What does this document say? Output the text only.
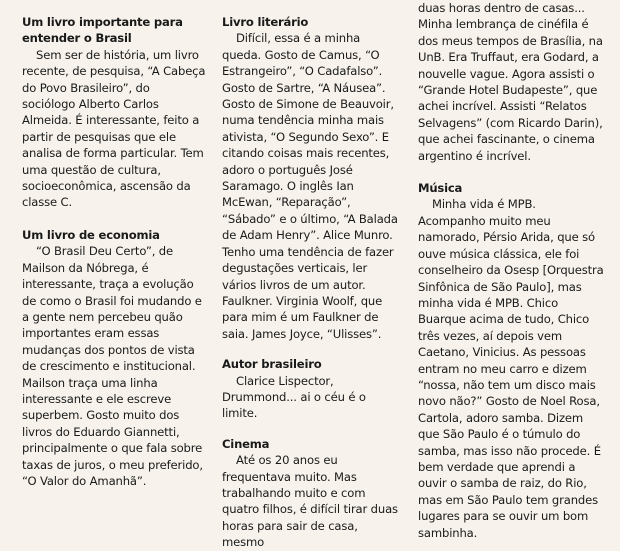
Um livro importante para
entender o Brasil

Sem ser de história, um livro recente, de pesquisa, “A Cabeça do Povo Brasileiro”, do sociólogo Alberto Carlos Almeida. É interessante, feito a partir de pesquisas que ele analisa de forma particular. Tem uma questão de cultura, socioeconômica, ascensão da classe C.

Um livro de economia

“O Brasil Deu Certo”, de Mailson da Nóbrega, é interessante, traça a evolução de como o Brasil foi mudando e a gente nem percebeu quão importantes eram essas mudanças dos pontos de vista de crescimento e institucional. Mailson traça uma linha interessante e ele escreve superbem. Gosto muito dos livros do Eduardo Giannetti, principalmente o que fala sobre taxas de juros, o meu preferido, “O Valor do Amanhã”.

Livro literário

Difícil, essa é a minha queda. Gosto de Camus, “O Estrangeiro”, “O Cadafalso”. Gosto de Sartre, “A Náusea”. Gosto de Simone de Beauvoir, numa tendência minha mais ativista, “O Segundo Sexo”. E citando coisas mais recentes, adoro o português José Saramago. O inglês Ian McEwan, “Reparação”, “Sábado” e o último, “A Balada de Adam Henry”. Alice Munro. Tenho uma tendência de fazer degustações verticais, ler vários livros de um autor. Faulkner. Virginia Woolf, que para mim é um Faulkner de saia. James Joyce, “Ulisses”.

Autor brasileiro

Clarice Lispector, Drummond... ai o céu é o limite.

Cinema

Até os 20 anos eu frequentava muito. Mas trabalhando muito e com quatro filhos, é difícil tirar duas horas para sair de casa, mesmo

duas horas dentro de casas... Minha lembrança de cinéfila é dos meus tempos de Brasília, na UnB. Era Truffaut, era Godard, a nouvelle vague. Agora assisti o “Grande Hotel Budapeste”, que achei incrível. Assisti “Relatos Selvagens” (com Ricardo Darin), que achei fascinante, o cinema argentino é incrível.

Música

Minha vida é MPB. Acompanho muito meu namorado, Pérsio Arida, que só ouve música clássica, ele foi conselheiro da Osesp [Orquestra Sinfônica de São Paulo], mas minha vida é MPB. Chico Buarque acima de tudo, Chico três vezes, aí depois vem Caetano, Vinicius. As pessoas entram no meu carro e dizem “nossa, não tem um disco mais novo não?” Gosto de Noel Rosa, Cartola, adoro samba. Dizem que São Paulo é o túmulo do samba, mas isso não procede. É bem verdade que aprendi a ouvir o samba de raiz, do Rio, mas em São Paulo tem grandes lugares para se ouvir um bom sambinha.
